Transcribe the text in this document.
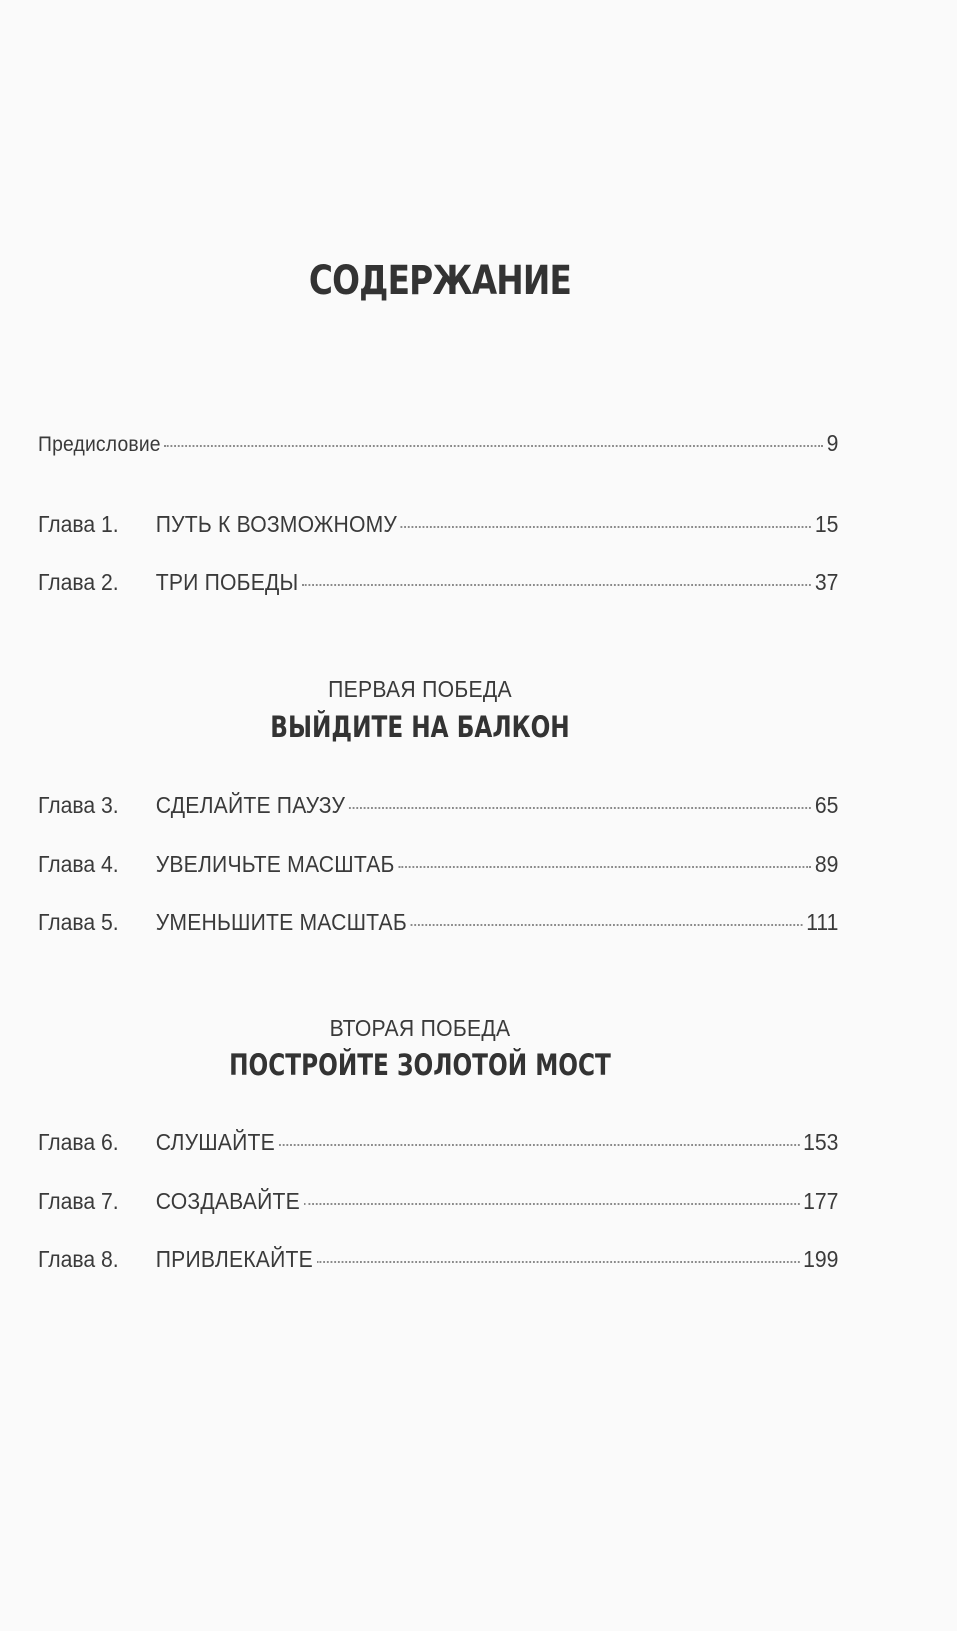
СОДЕРЖАНИЕ
Предисловие	9
Глава 1.	ПУТЬ К ВОЗМОЖНОМУ	15
Глава 2.	ТРИ ПОБЕДЫ	37
ПЕРВАЯ ПОБЕДА
ВЫЙДИТЕ НА БАЛКОН
Глава 3.	СДЕЛАЙТЕ ПАУЗУ	65
Глава 4.	УВЕЛИЧЬТЕ МАСШТАБ	89
Глава 5.	УМЕНЬШИТЕ МАСШТАБ	111
ВТОРАЯ ПОБЕДА
ПОСТРОЙТЕ ЗОЛОТОЙ МОСТ
Глава 6.	СЛУШАЙТЕ	153
Глава 7.	СОЗДАВАЙТЕ	177
Глава 8.	ПРИВЛЕКАЙТЕ	199
